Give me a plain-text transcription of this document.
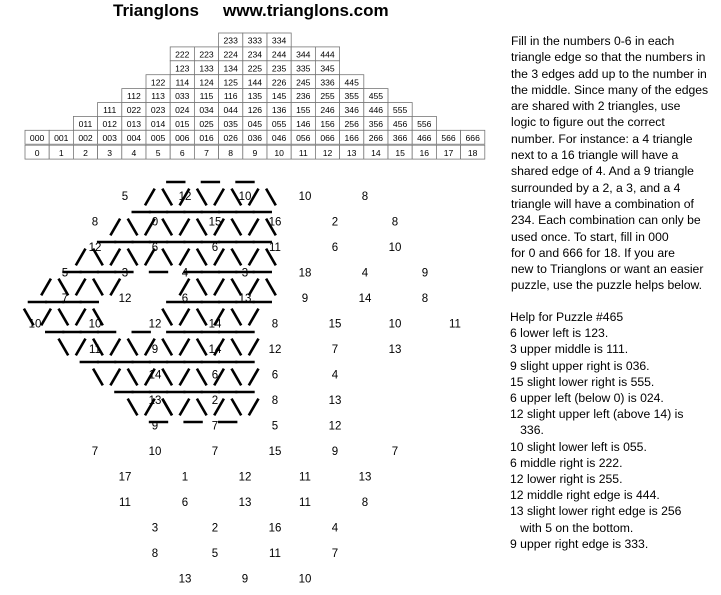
Trianglons www.trianglons.com
233 333 334
222 223 224 234 244 344 444
123 133 134 225 235 335 345
122 114 124 125 144 226 245 336 445
112 113 033 115 116 135 145 236 255 355 455
111 022 023 024 034 044 126 136 155 246 346 446 555
011 012 013 014 015 025 035 045 055 146 156 256 356 456 556
000 001 002 003 004 005 006 016 026 036 046 056 066 166 266 366 466 566 666
0 1 2 3 4 5 6 7 8 9 10 11 12 13 14 15 16 17 18
5	12	10	10	8
8	0	15	16	2	8
12	6	6	11	6	10
5	3	4	3	18	4	9
7	12	6	13	9	14	8
10	10	12	14	8	15	10	11
11	9	14	12	7	13
14	6	6	4
13	2	8	13
9	7	5	12
7	10	7	15	9	7
17	1	12	11	13
11	6	13	11	8
3	2	16	4
8	5	11	7
13	9	10
Fill in the numbers 0-6 in each
triangle edge so that the numbers in
the 3 edges add up to the number in
the middle. Since many of the edges
are shared with 2 triangles, use
logic to figure out the correct
number. For instance: a 4 triangle
next to a 16 triangle will have a
shared edge of 4. And a 9 triangle
surrounded by a 2, a 3, and a 4
triangle will have a combination of
234. Each combination can only be
used once. To start, fill in 000
for 0 and 666 for 18. If you are
new to Trianglons or want an easier
puzzle, use the puzzle helps below.
Help for Puzzle #465
6 lower left is 123.
3 upper middle is 111.
9 slight upper right is 036.
15 slight lower right is 555.
6 upper left (below 0) is 024.
12 slight upper left (above 14) is
336.
10 slight lower left is 055.
6 middle right is 222.
12 lower right is 255.
12 middle right edge is 444.
13 slight lower right edge is 256
with 5 on the bottom.
9 upper right edge is 333.
